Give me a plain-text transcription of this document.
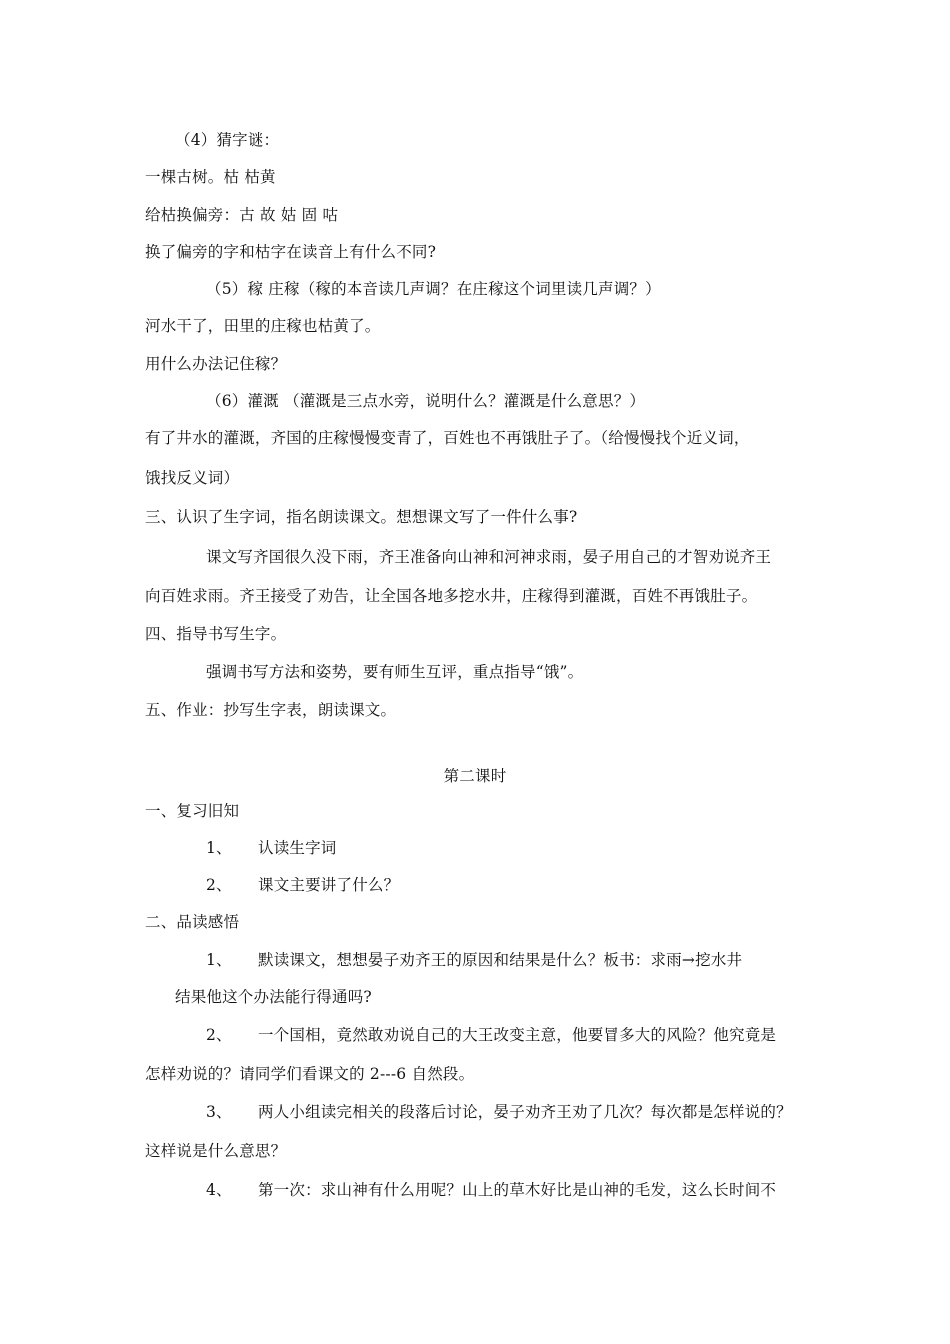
（4）猜字谜：
一棵古树。枯 枯黄
给枯换偏旁：古 故 姑 固 咕
换了偏旁的字和枯字在读音上有什么不同?
（5）稼 庄稼（稼的本音读几声调？在庄稼这个词里读几声调？）
河水干了，田里的庄稼也枯黄了。
用什么办法记住稼？
（6）灌溉 （灌溉是三点水旁，说明什么？灌溉是什么意思？）
有了井水的灌溉，齐国的庄稼慢慢变青了，百姓也不再饿肚子了。（给慢慢找个近义词，
饿找反义词）
三、认识了生字词，指名朗读课文。想想课文写了一件什么事?
课文写齐国很久没下雨，齐王准备向山神和河神求雨，晏子用自己的才智劝说齐王
向百姓求雨。齐王接受了劝告，让全国各地多挖水井，庄稼得到灌溉，百姓不再饿肚子。
四、指导书写生字。
强调书写方法和姿势，要有师生互评，重点指导“饿”。
五、作业：抄写生字表，朗读课文。
第二课时
一、复习旧知
1、 认读生字词
2、 课文主要讲了什么？
二、品读感悟
1、 默读课文，想想晏子劝齐王的原因和结果是什么？板书：求雨→挖水井
结果他这个办法能行得通吗?
2、 一个国相，竟然敢劝说自己的大王改变主意，他要冒多大的风险？他究竟是
怎样劝说的？请同学们看课文的 2---6 自然段。
3、 两人小组读完相关的段落后讨论，晏子劝齐王劝了几次？每次都是怎样说的？
这样说是什么意思？
4、 第一次：求山神有什么用呢？山上的草木好比是山神的毛发，这么长时间不
